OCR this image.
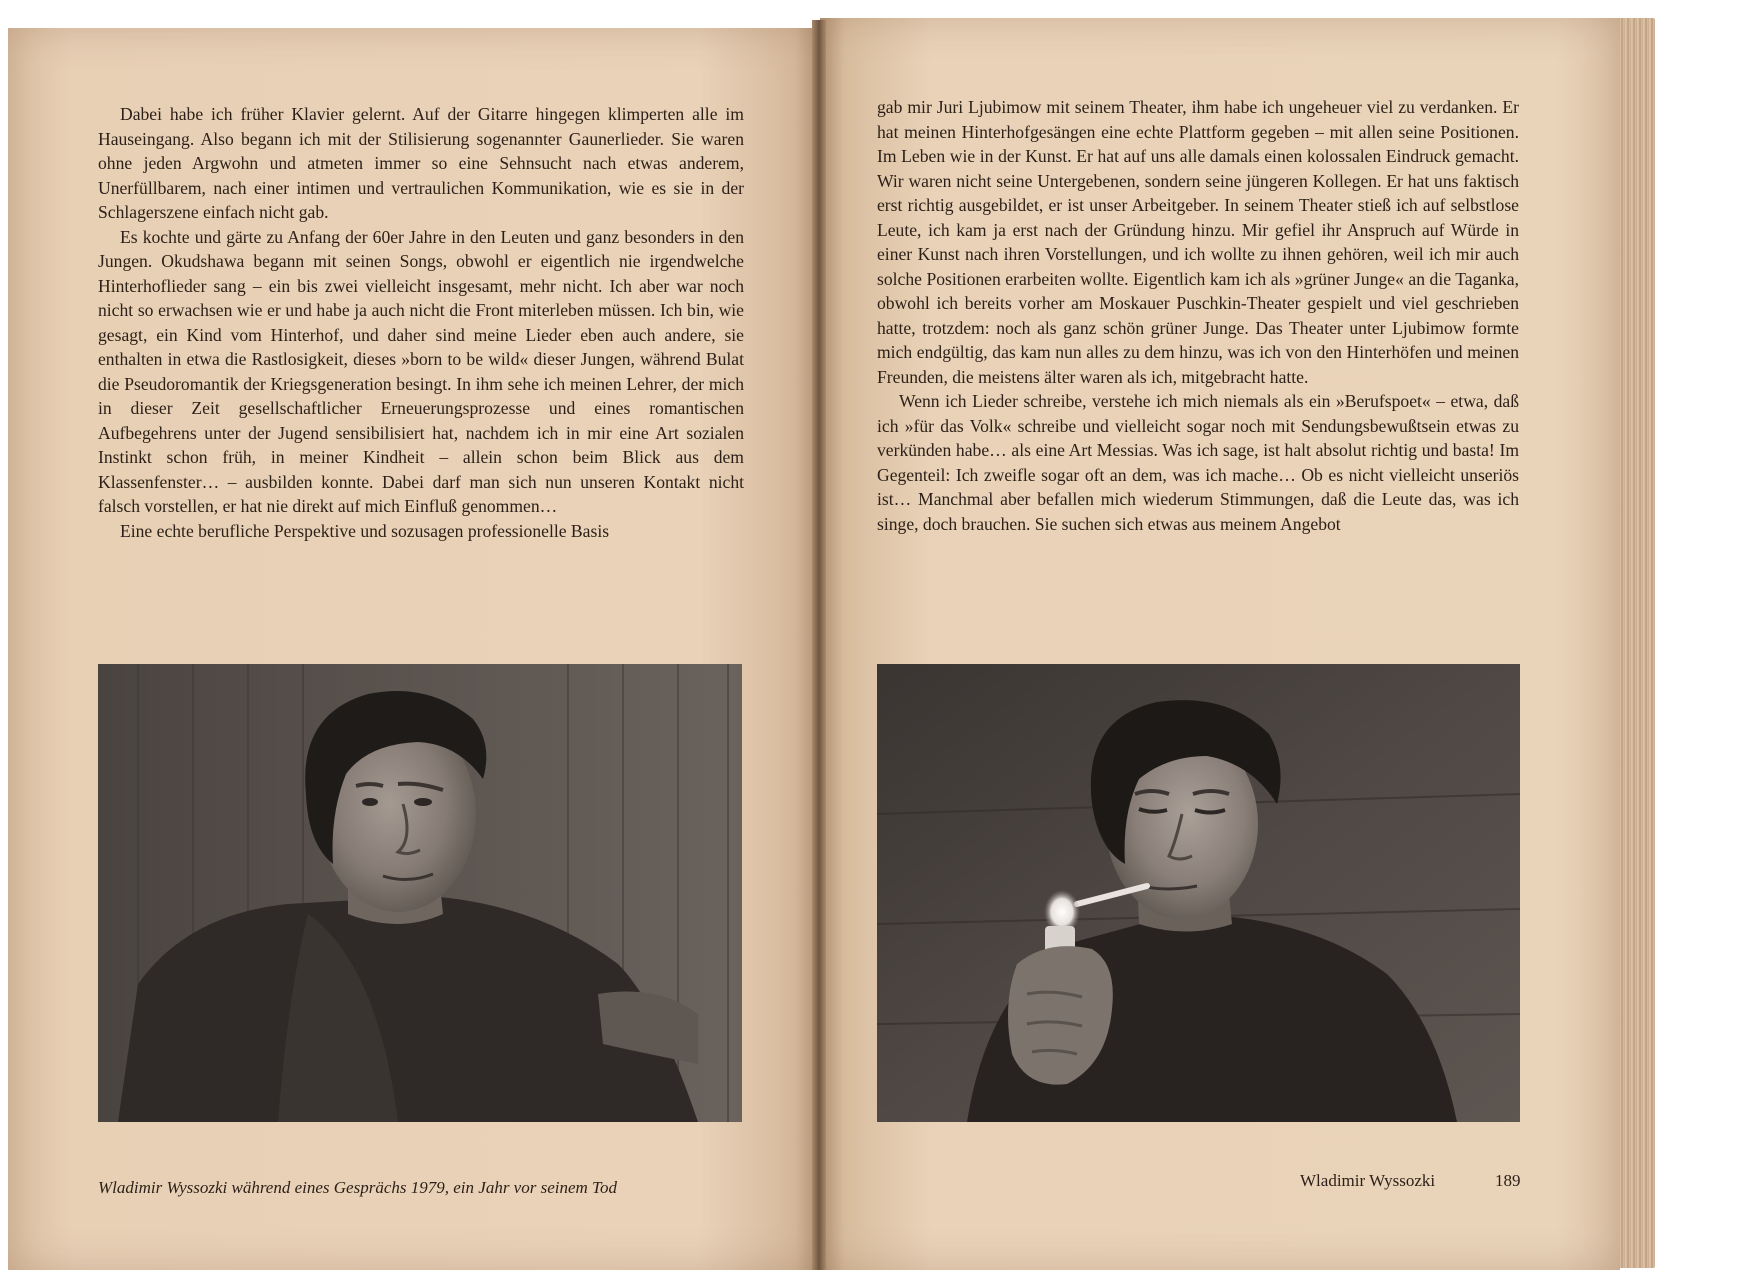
Dabei habe ich früher Klavier gelernt. Auf der Gitarre hingegen klimperten alle im Hauseingang. Also begann ich mit der Stilisierung sogenannter Gaunerlieder. Sie waren ohne jeden Argwohn und atmeten immer so eine Sehnsucht nach etwas anderem, Unerfüllbarem, nach einer intimen und vertraulichen Kommunikation, wie es sie in der Schlagerszene einfach nicht gab.

Es kochte und gärte zu Anfang der 60er Jahre in den Leuten und ganz besonders in den Jungen. Okudshawa begann mit seinen Songs, obwohl er eigentlich nie irgendwelche Hinterhoflieder sang – ein bis zwei vielleicht insgesamt, mehr nicht. Ich aber war noch nicht so erwachsen wie er und habe ja auch nicht die Front miterleben müssen. Ich bin, wie gesagt, ein Kind vom Hinterhof, und daher sind meine Lieder eben auch andere, sie enthalten in etwa die Rastlosigkeit, dieses »born to be wild« dieser Jungen, während Bulat die Pseudoromantik der Kriegsgeneration besingt. In ihm sehe ich meinen Lehrer, der mich in dieser Zeit gesellschaftlicher Erneuerungsprozesse und eines romantischen Aufbegehrens unter der Jugend sensibilisiert hat, nachdem ich in mir eine Art sozialen Instinkt schon früh, in meiner Kindheit – allein schon beim Blick aus dem Klassenfenster… – ausbilden konnte. Dabei darf man sich nun unseren Kontakt nicht falsch vorstellen, er hat nie direkt auf mich Einfluß genommen…

Eine echte berufliche Perspektive und sozusagen professionelle Basis

gab mir Juri Ljubimow mit seinem Theater, ihm habe ich ungeheuer viel zu verdanken. Er hat meinen Hinterhofgesängen eine echte Plattform gegeben – mit allen seine Positionen. Im Leben wie in der Kunst. Er hat auf uns alle damals einen kolossalen Eindruck gemacht. Wir waren nicht seine Untergebenen, sondern seine jüngeren Kollegen. Er hat uns faktisch erst richtig ausgebildet, er ist unser Arbeitgeber. In seinem Theater stieß ich auf selbstlose Leute, ich kam ja erst nach der Gründung hinzu. Mir gefiel ihr Anspruch auf Würde in einer Kunst nach ihren Vorstellungen, und ich wollte zu ihnen gehören, weil ich mir auch solche Positionen erarbeiten wollte. Eigentlich kam ich als »grüner Junge« an die Taganka, obwohl ich bereits vorher am Moskauer Puschkin-Theater gespielt und viel geschrieben hatte, trotzdem: noch als ganz schön grüner Junge. Das Theater unter Ljubimow formte mich endgültig, das kam nun alles zu dem hinzu, was ich von den Hinterhöfen und meinen Freunden, die meistens älter waren als ich, mitgebracht hatte.

Wenn ich Lieder schreibe, verstehe ich mich niemals als ein »Berufspoet« – etwa, daß ich »für das Volk« schreibe und vielleicht sogar noch mit Sendungsbewußtsein etwas zu verkünden habe… als eine Art Messias. Was ich sage, ist halt absolut richtig und basta! Im Gegenteil: Ich zweifle sogar oft an dem, was ich mache… Ob es nicht vielleicht unseriös ist… Manchmal aber befallen mich wiederum Stimmungen, daß die Leute das, was ich singe, doch brauchen. Sie suchen sich etwas aus meinem Angebot

Wladimir Wyssozki während eines Gesprächs 1979, ein Jahr vor seinem Tod	Wladimir Wyssozki	189
